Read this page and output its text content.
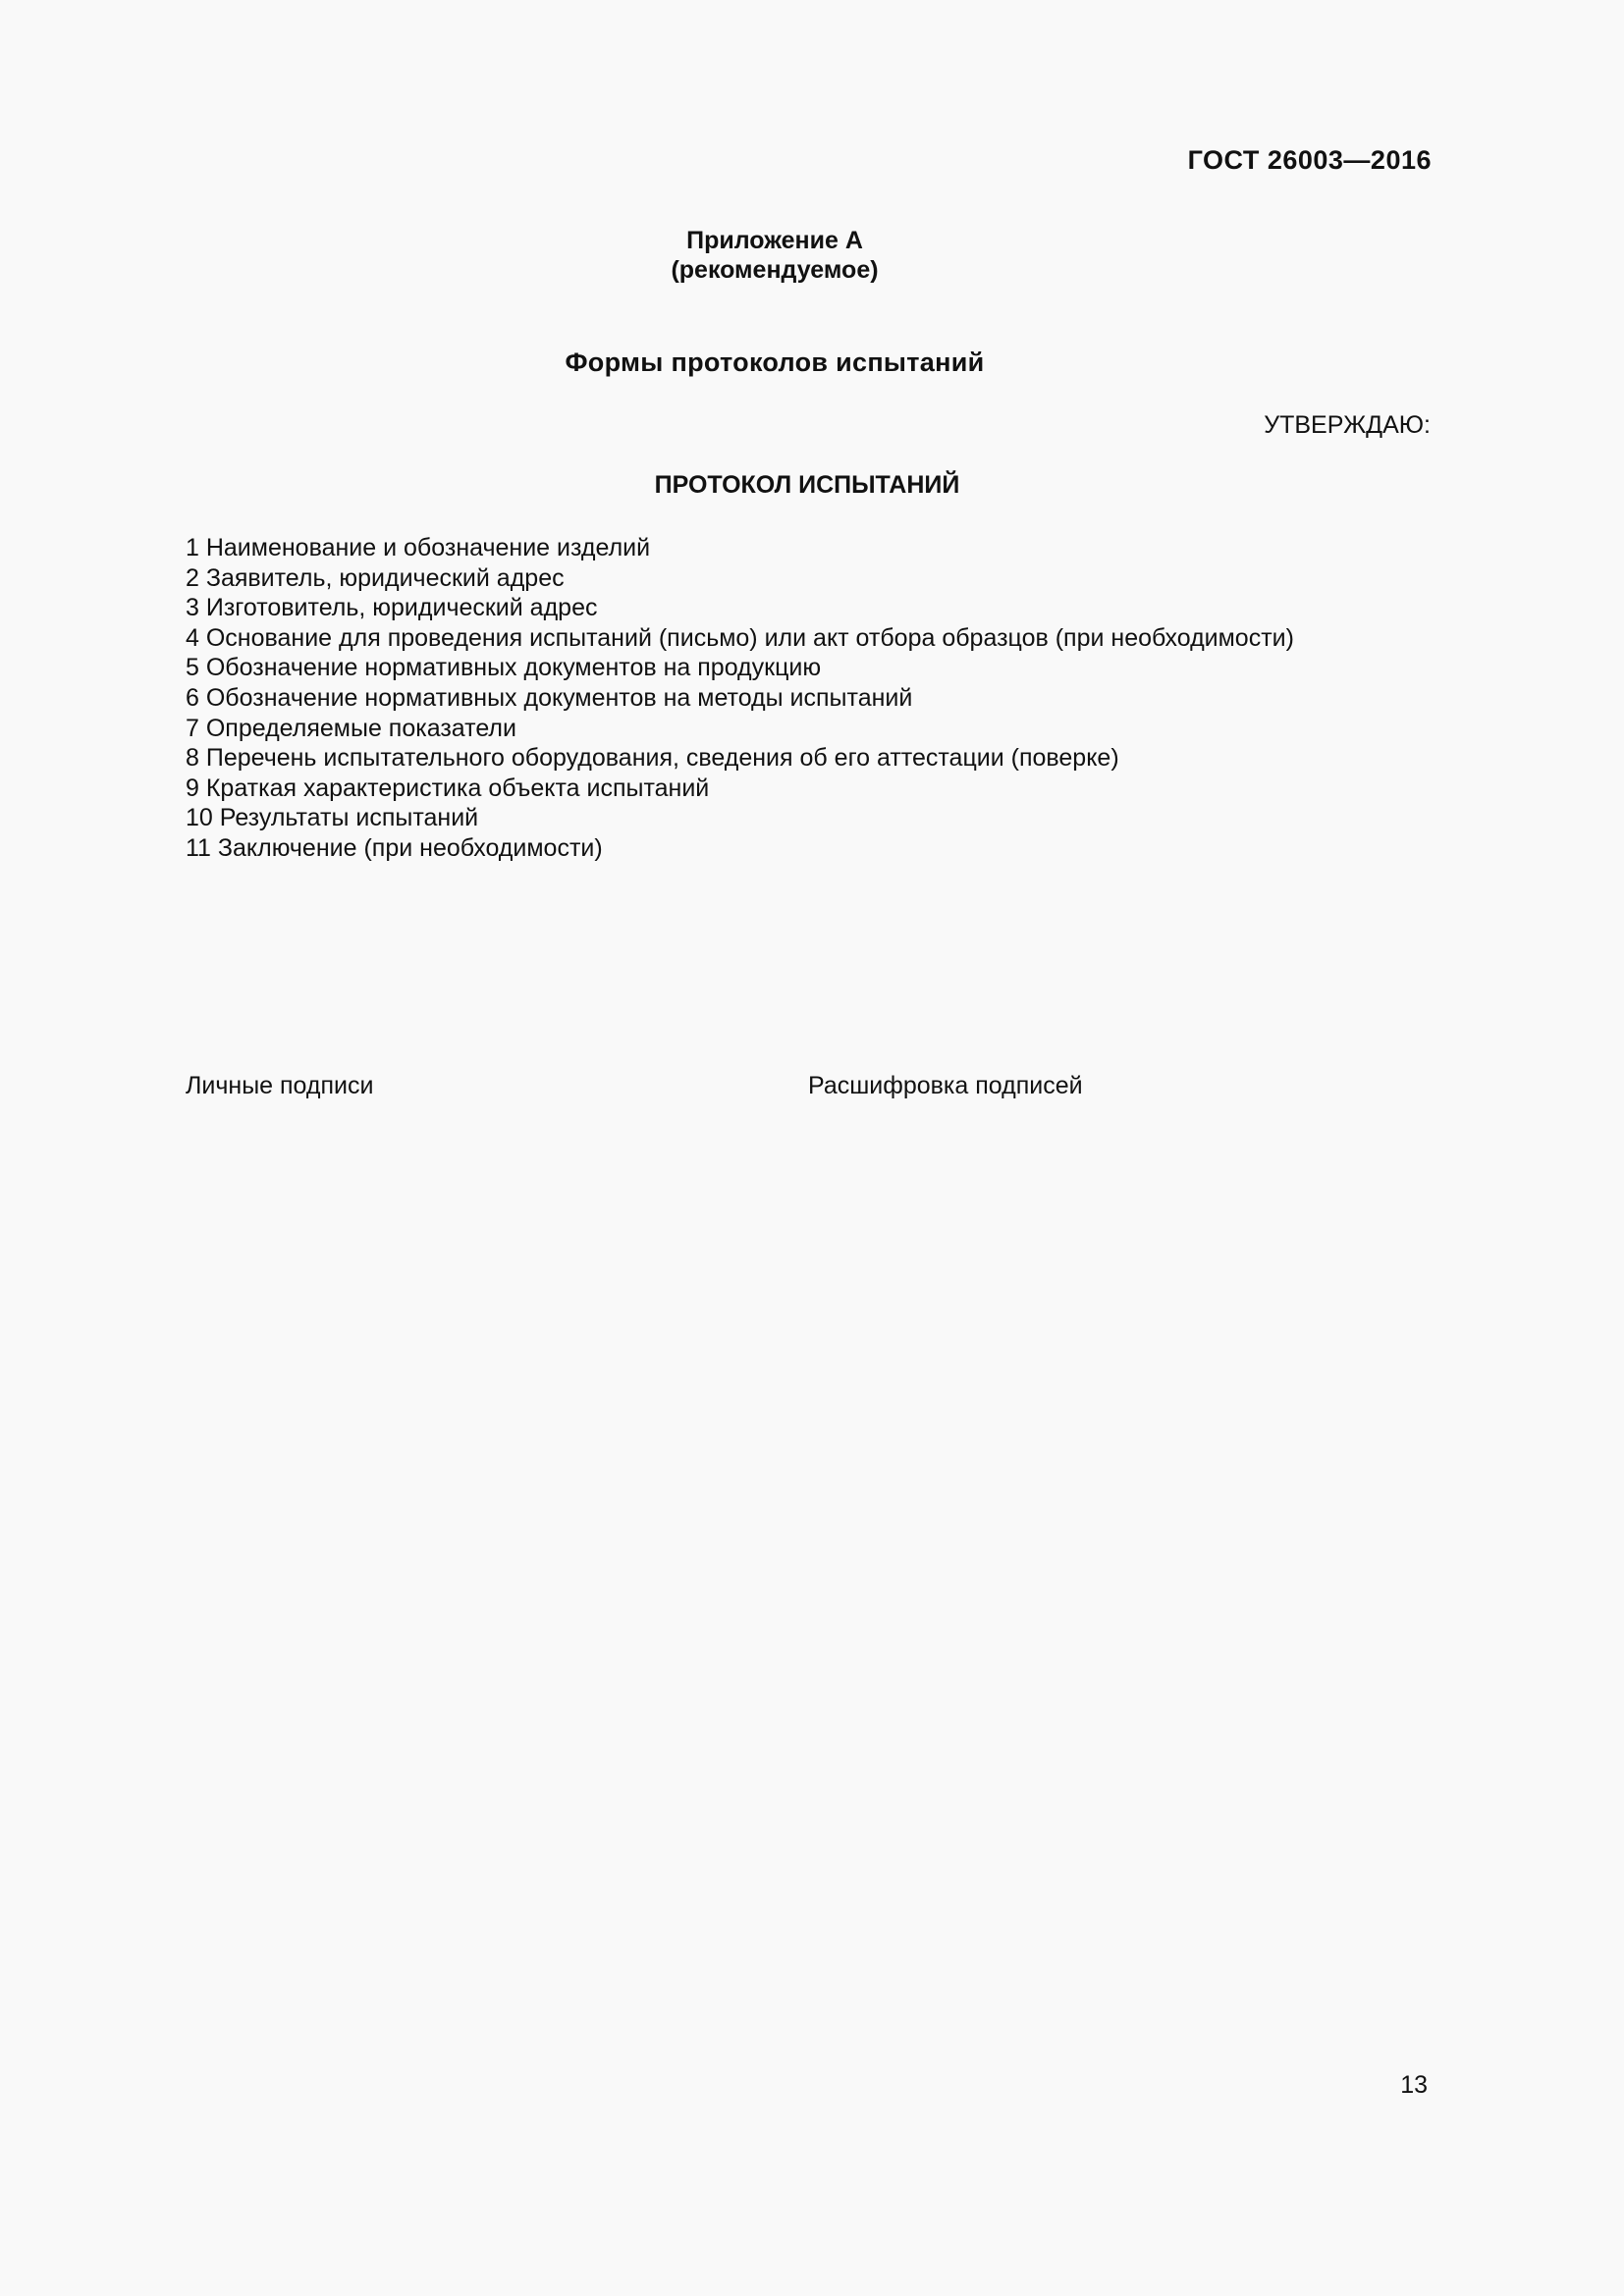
ГОСТ 26003—2016
Приложение А
(рекомендуемое)
Формы протоколов испытаний
УТВЕРЖДАЮ:
ПРОТОКОЛ ИСПЫТАНИЙ
1 Наименование и обозначение изделий
2 Заявитель, юридический адрес
3 Изготовитель, юридический адрес
4 Основание для проведения испытаний (письмо) или акт отбора образцов (при необходимости)
5 Обозначение нормативных документов на продукцию
6 Обозначение нормативных документов на методы испытаний
7 Определяемые показатели
8 Перечень испытательного оборудования, сведения об его аттестации (поверке)
9 Краткая характеристика объекта испытаний
10 Результаты испытаний
11 Заключение (при необходимости)
Личные подписи	Расшифровка подписей
13
